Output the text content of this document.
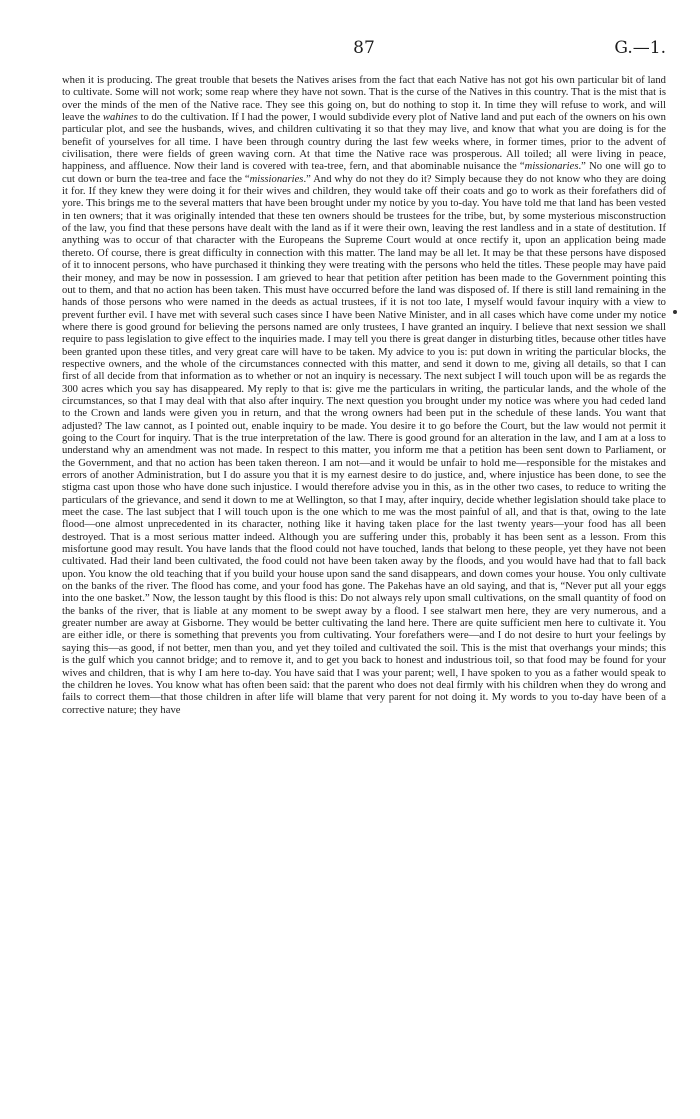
87	G.—1.

when it is producing. The great trouble that besets the Natives arises from the fact that each Native has not got his own particular bit of land to cultivate. Some will not work; some reap where they have not sown. That is the curse of the Natives in this country. That is the mist that is over the minds of the men of the Native race. They see this going on, but do nothing to stop it. In time they will refuse to work, and will leave the wahines to do the cultivation. If I had the power, I would subdivide every plot of Native land and put each of the owners on his own particular plot, and see the husbands, wives, and children cultivating it so that they may live, and know that what you are doing is for the benefit of yourselves for all time. I have been through country during the last few weeks where, in former times, prior to the advent of civilisation, there were fields of green waving corn. At that time the Native race was prosperous. All toiled; all were living in peace, happiness, and affluence. Now their land is covered with tea-tree, fern, and that abominable nuisance the “missionaries.” No one will go to cut down or burn the tea-tree and face the “missionaries.” And why do not they do it? Simply because they do not know who they are doing it for. If they knew they were doing it for their wives and children, they would take off their coats and go to work as their forefathers did of yore. This brings me to the several matters that have been brought under my notice by you to-day. You have told me that land has been vested in ten owners; that it was originally intended that these ten owners should be trustees for the tribe, but, by some mysterious misconstruction of the law, you find that these persons have dealt with the land as if it were their own, leaving the rest landless and in a state of destitution. If anything was to occur of that character with the Europeans the Supreme Court would at once rectify it, upon an application being made thereto. Of course, there is great difficulty in connection with this matter. The land may be all let. It may be that these persons have disposed of it to innocent persons, who have purchased it thinking they were treating with the persons who held the titles. These people may have paid their money, and may be now in possession. I am grieved to hear that petition after petition has been made to the Government pointing this out to them, and that no action has been taken. This must have occurred before the land was disposed of. If there is still land remaining in the hands of those persons who were named in the deeds as actual trustees, if it is not too late, I myself would favour inquiry with a view to prevent further evil. I have met with several such cases since I have been Native Minister, and in all cases which have come under my notice where there is good ground for believing the persons named are only trustees, I have granted an inquiry. I believe that next session we shall require to pass legislation to give effect to the inquiries made. I may tell you there is great danger in disturbing titles, because other titles have been granted upon these titles, and very great care will have to be taken. My advice to you is: put down in writing the particular blocks, the respective owners, and the whole of the circumstances connected with this matter, and send it down to me, giving all details, so that I can first of all decide from that information as to whether or not an inquiry is necessary. The next subject I will touch upon will be as regards the 300 acres which you say has disappeared. My reply to that is: give me the particulars in writing, the particular lands, and the whole of the circumstances, so that I may deal with that also after inquiry. The next question you brought under my notice was where you had ceded land to the Crown and lands were given you in return, and that the wrong owners had been put in the schedule of these lands. You want that adjusted? The law cannot, as I pointed out, enable inquiry to be made. You desire it to go before the Court, but the law would not permit it going to the Court for inquiry. That is the true interpretation of the law. There is good ground for an alteration in the law, and I am at a loss to understand why an amendment was not made. In respect to this matter, you inform me that a petition has been sent down to Parliament, or the Government, and that no action has been taken thereon. I am not—and it would be unfair to hold me—responsible for the mistakes and errors of another Administration, but I do assure you that it is my earnest desire to do justice, and, where injustice has been done, to see the stigma cast upon those who have done such injustice. I would therefore advise you in this, as in the other two cases, to reduce to writing the particulars of the grievance, and send it down to me at Wellington, so that I may, after inquiry, decide whether legislation should take place to meet the case. The last subject that I will touch upon is the one which to me was the most painful of all, and that is that, owing to the late flood—one almost unprecedented in its character, nothing like it having taken place for the last twenty years—your food has all been destroyed. That is a most serious matter indeed. Although you are suffering under this, probably it has been sent as a lesson. From this misfortune good may result. You have lands that the flood could not have touched, lands that belong to these people, yet they have not been cultivated. Had their land been cultivated, the food could not have been taken away by the floods, and you would have had that to fall back upon. You know the old teaching that if you build your house upon sand the sand disappears, and down comes your house. You only cultivate on the banks of the river. The flood has come, and your food has gone. The Pakehas have an old saying, and that is, “Never put all your eggs into the one basket.” Now, the lesson taught by this flood is this: Do not always rely upon small cultivations, on the small quantity of food on the banks of the river, that is liable at any moment to be swept away by a flood. I see stalwart men here, they are very numerous, and a greater number are away at Gisborne. They would be better cultivating the land here. There are quite sufficient men here to cultivate it. You are either idle, or there is something that prevents you from cultivating. Your forefathers were—and I do not desire to hurt your feelings by saying this—as good, if not better, men than you, and yet they toiled and cultivated the soil. This is the mist that overhangs your minds; this is the gulf which you cannot bridge; and to remove it, and to get you back to honest and industrious toil, so that food may be found for your wives and children, that is why I am here to-day. You have said that I was your parent; well, I have spoken to you as a father would speak to the children he loves. You know what has often been said: that the parent who does not deal firmly with his children when they do wrong and fails to correct them—that those children in after life will blame that very parent for not doing it. My words to you to-day have been of a corrective nature; they have
